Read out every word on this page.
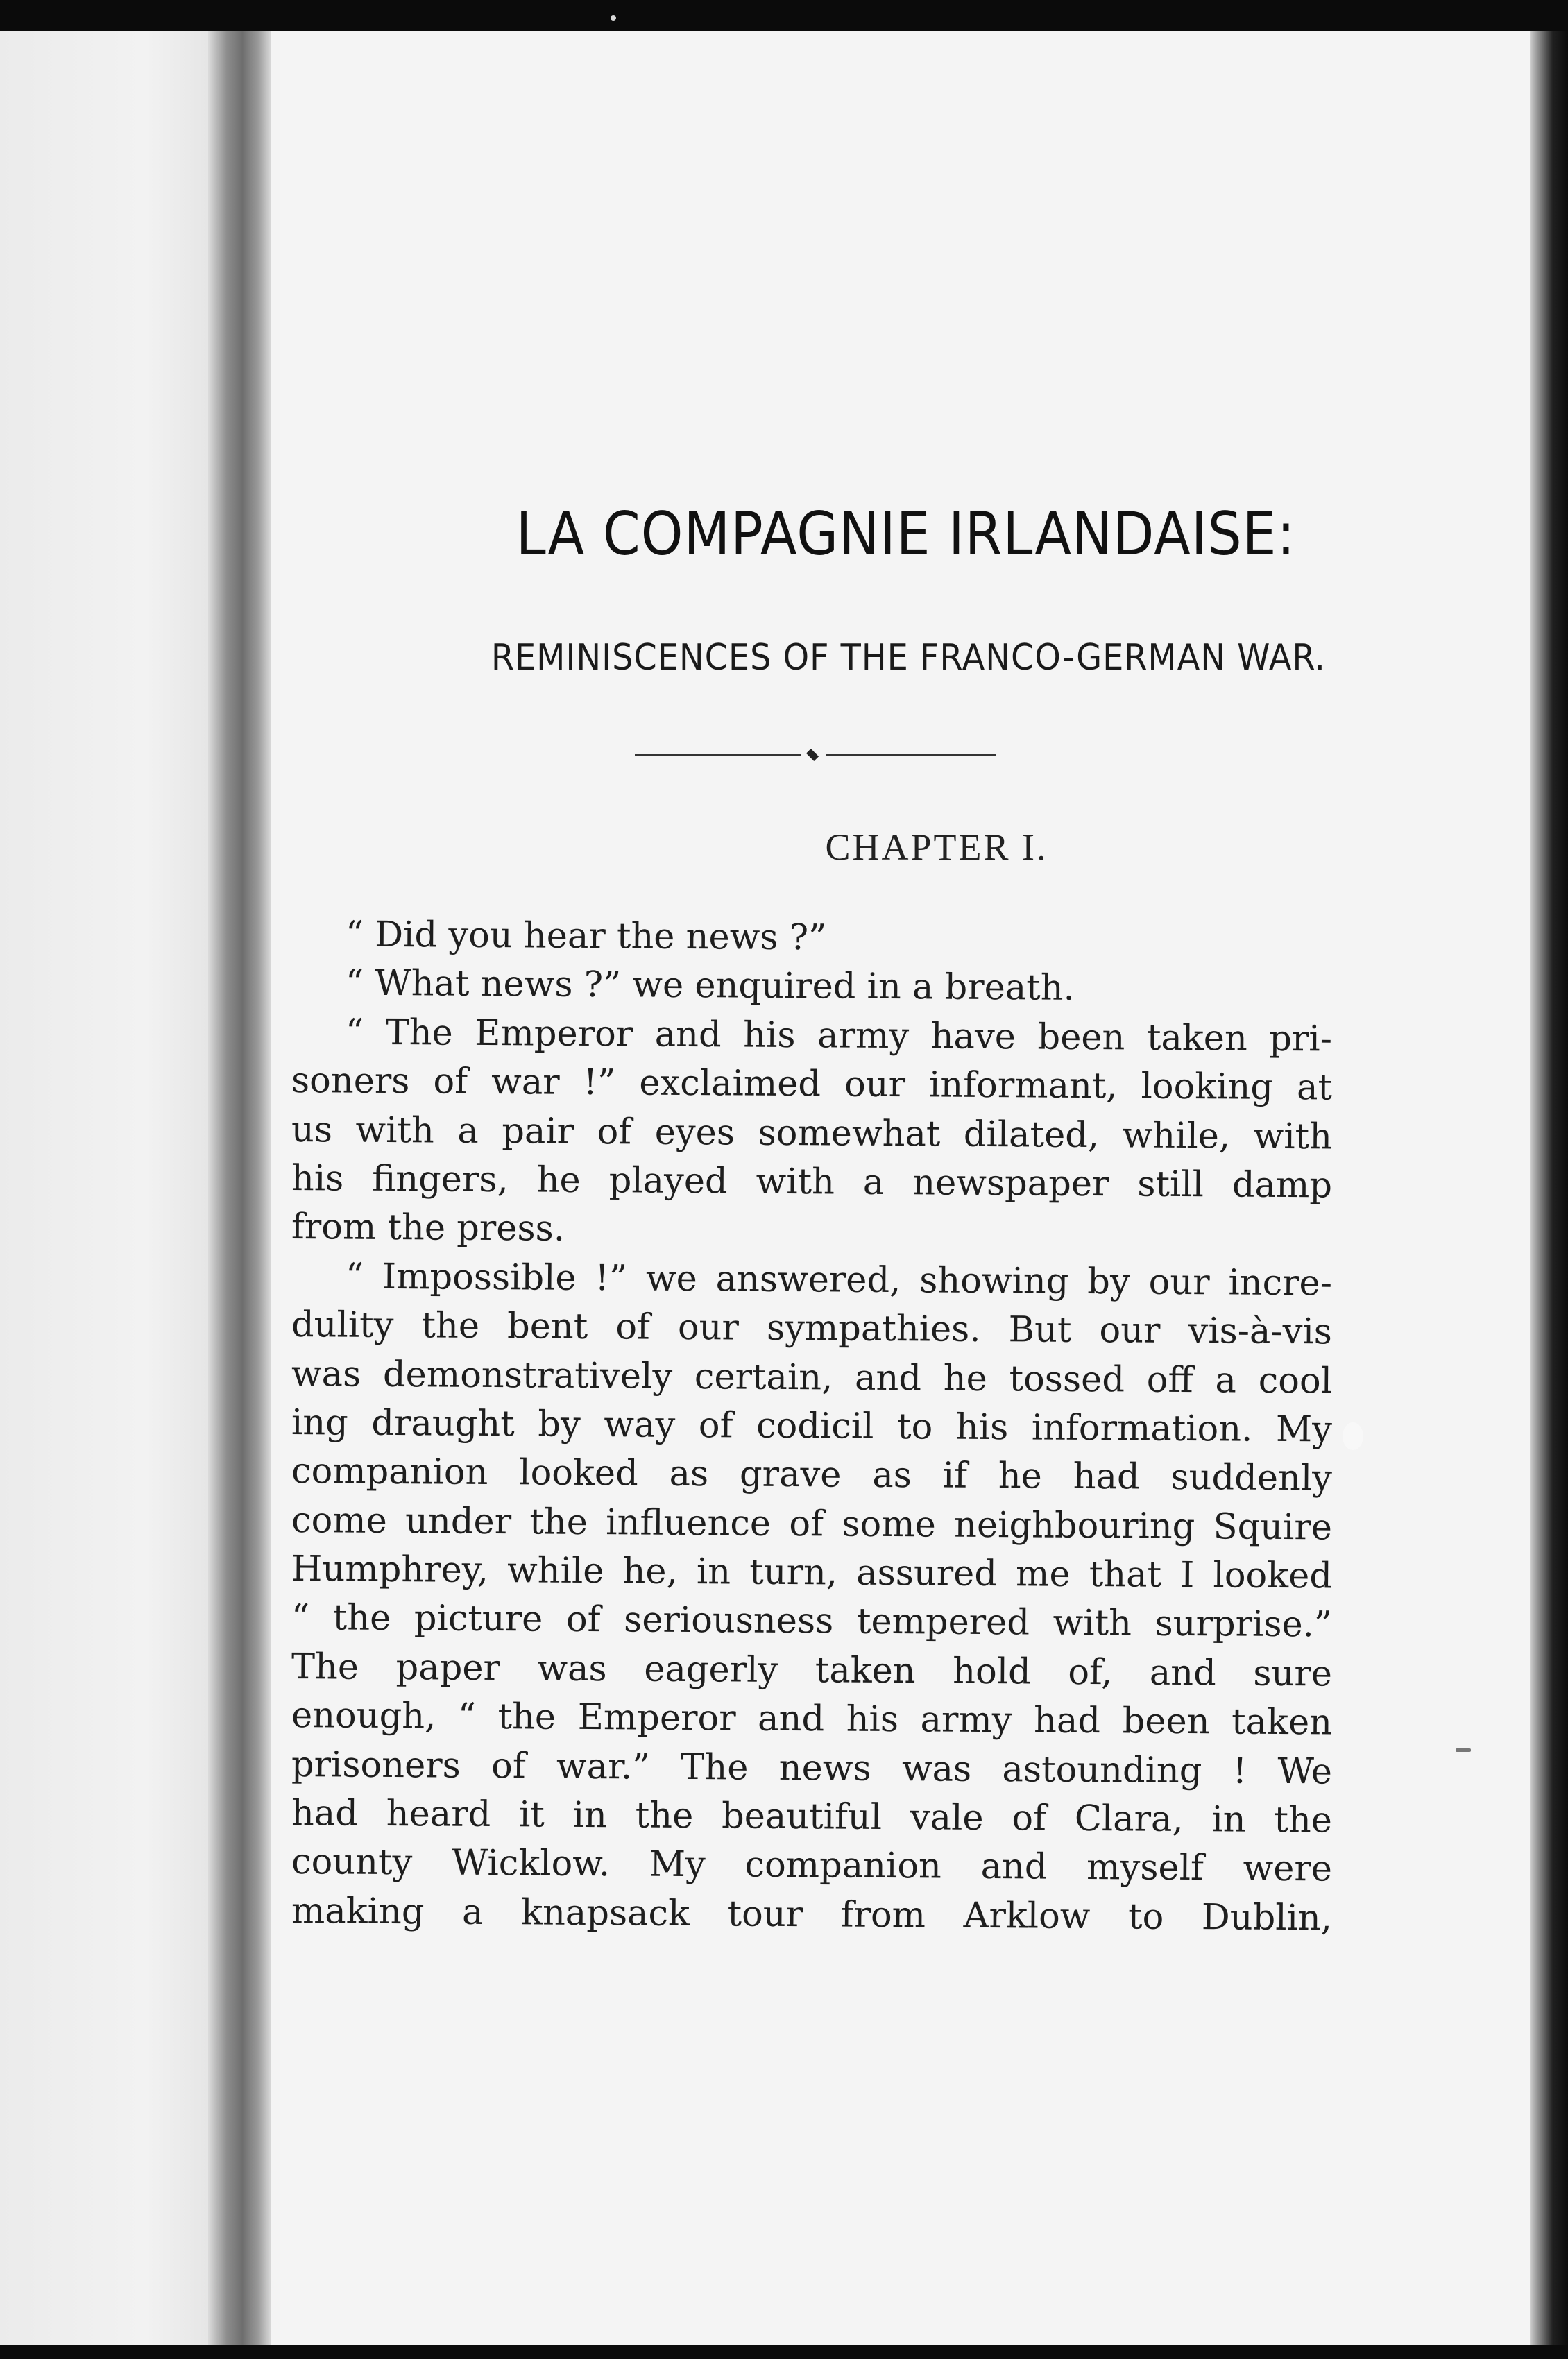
LA COMPAGNIE IRLANDAISE:
REMINISCENCES OF THE FRANCO-GERMAN WAR.
CHAPTER I.
“ Did you hear the news ?”
“ What news ?” we enquired in a breath.
“ The Emperor and his army have been taken pri-
soners of war !” exclaimed our informant, looking at
us with a pair of eyes somewhat dilated, while, with
his fingers, he played with a newspaper still damp
from the press.
“ Impossible !” we answered, showing by our incre-
dulity the bent of our sympathies. But our vis-à-vis
was demonstratively certain, and he tossed off a cool
ing draught by way of codicil to his information. My
companion looked as grave as if he had suddenly
come under the influence of some neighbouring Squire
Humphrey, while he, in turn, assured me that I looked
“ the picture of seriousness tempered with surprise.”
The paper was eagerly taken hold of, and sure
enough, “ the Emperor and his army had been taken
prisoners of war.” The news was astounding ! We
had heard it in the beautiful vale of Clara, in the
county Wicklow. My companion and myself were
making a knapsack tour from Arklow to Dublin,
